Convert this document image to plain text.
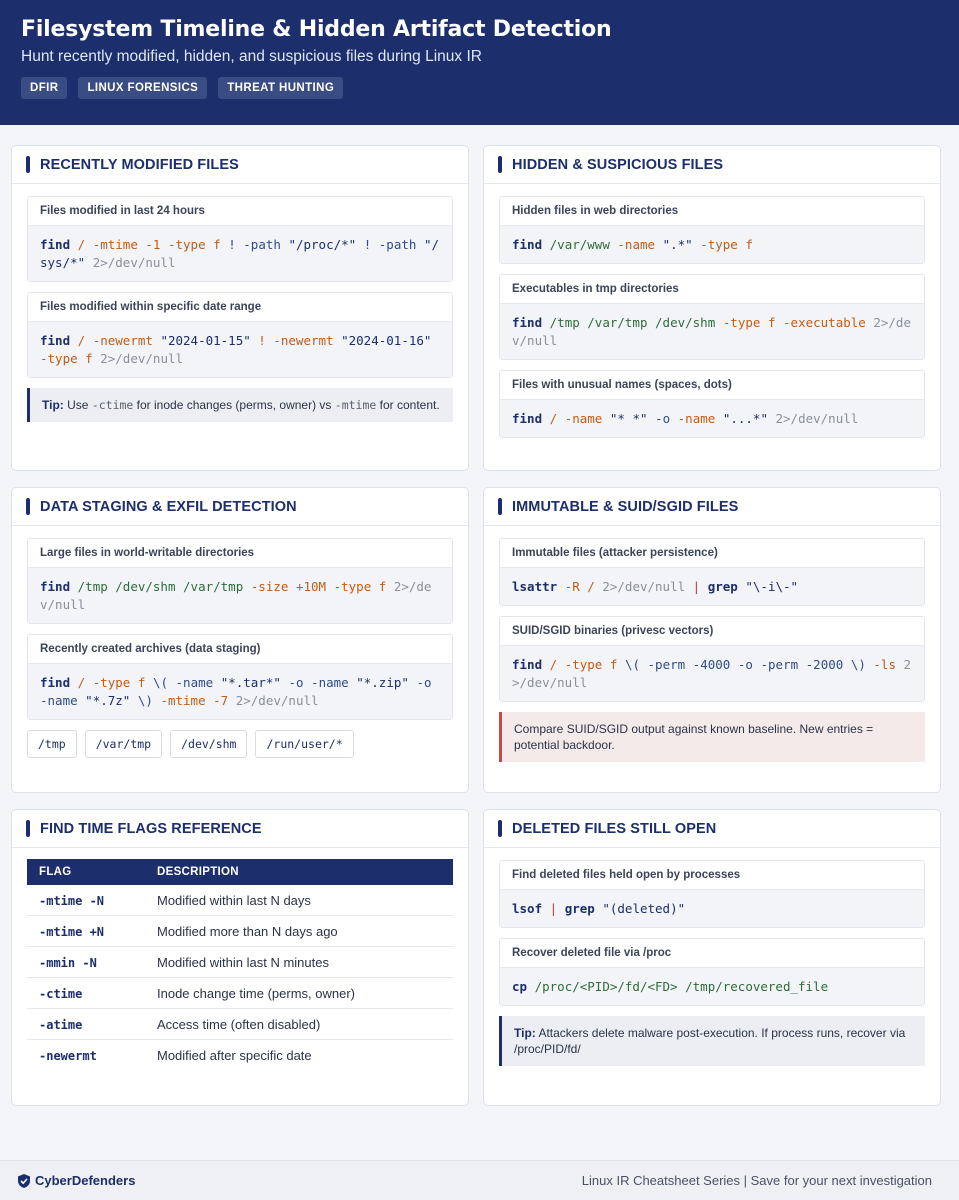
Filesystem Timeline & Hidden Artifact Detection
Hunt recently modified, hidden, and suspicious files during Linux IR
DFIR	LINUX FORENSICS	THREAT HUNTING
RECENTLY MODIFIED FILES
Files modified in last 24 hours
find / -mtime -1 -type f ! -path "/proc/*" ! -path "/sys/*" 2>/dev/null
Files modified within specific date range
find / -newermt "2024-01-15" ! -newermt "2024-01-16" -type f 2>/dev/null
Tip: Use -ctime for inode changes (perms, owner) vs -mtime for content.
HIDDEN & SUSPICIOUS FILES
Hidden files in web directories
find /var/www -name ".*" -type f
Executables in tmp directories
find /tmp /var/tmp /dev/shm -type f -executable 2>/dev/null
Files with unusual names (spaces, dots)
find / -name "* *" -o -name "...*" 2>/dev/null
DATA STAGING & EXFIL DETECTION
Large files in world-writable directories
find /tmp /dev/shm /var/tmp -size +10M -type f 2>/dev/null
Recently created archives (data staging)
find / -type f \( -name "*.tar*" -o -name "*.zip" -o -name "*.7z" \) -mtime -7 2>/dev/null
/tmp	/var/tmp	/dev/shm	/run/user/*
IMMUTABLE & SUID/SGID FILES
Immutable files (attacker persistence)
lsattr -R / 2>/dev/null | grep "\-i\-"
SUID/SGID binaries (privesc vectors)
find / -type f \( -perm -4000 -o -perm -2000 \) -ls 2>/dev/null
Compare SUID/SGID output against known baseline. New entries = potential backdoor.
FIND TIME FLAGS REFERENCE
FLAG	DESCRIPTION
-mtime -N	Modified within last N days
-mtime +N	Modified more than N days ago
-mmin -N	Modified within last N minutes
-ctime	Inode change time (perms, owner)
-atime	Access time (often disabled)
-newermt	Modified after specific date
DELETED FILES STILL OPEN
Find deleted files held open by processes
lsof | grep "(deleted)"
Recover deleted file via /proc
cp /proc/<PID>/fd/<FD> /tmp/recovered_file
Tip: Attackers delete malware post-execution. If process runs, recover via /proc/PID/fd/
CyberDefenders	Linux IR Cheatsheet Series | Save for your next investigation
